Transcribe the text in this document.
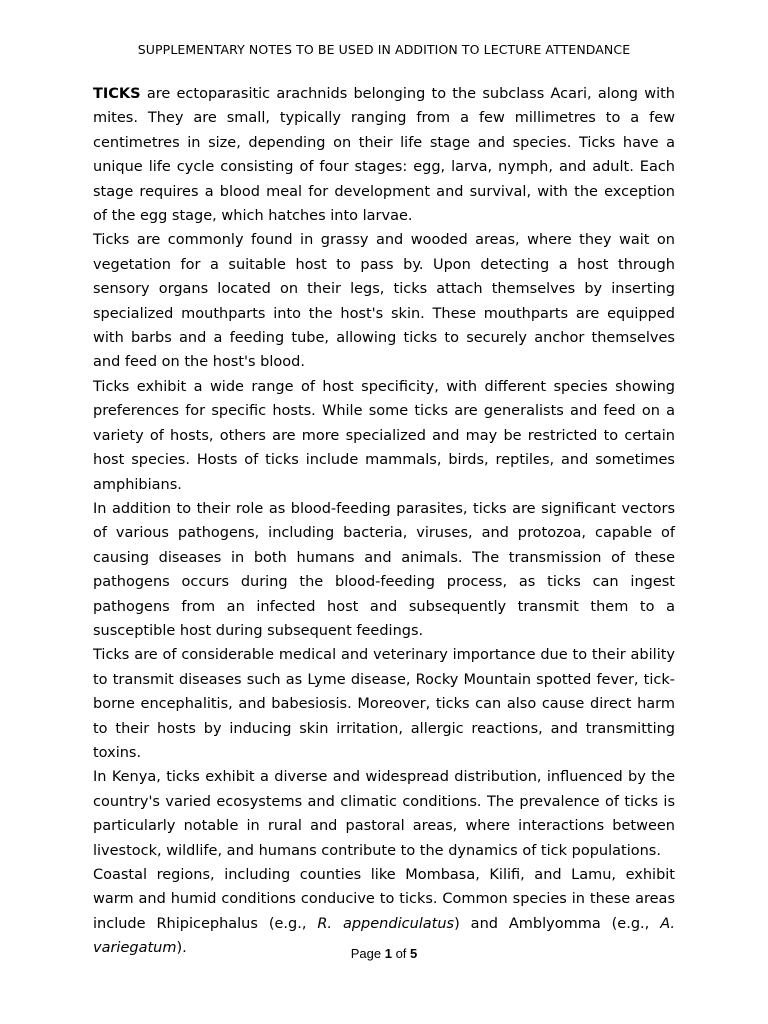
SUPPLEMENTARY NOTES TO BE USED IN ADDITION TO LECTURE ATTENDANCE

TICKS are ectoparasitic arachnids belonging to the subclass Acari, along with mites. They are small, typically ranging from a few millimetres to a few centimetres in size, depending on their life stage and species. Ticks have a unique life cycle consisting of four stages: egg, larva, nymph, and adult. Each stage requires a blood meal for development and survival, with the exception of the egg stage, which hatches into larvae.

Ticks are commonly found in grassy and wooded areas, where they wait on vegetation for a suitable host to pass by. Upon detecting a host through sensory organs located on their legs, ticks attach themselves by inserting specialized mouthparts into the host's skin. These mouthparts are equipped with barbs and a feeding tube, allowing ticks to securely anchor themselves and feed on the host's blood.

Ticks exhibit a wide range of host specificity, with different species showing preferences for specific hosts. While some ticks are generalists and feed on a variety of hosts, others are more specialized and may be restricted to certain host species. Hosts of ticks include mammals, birds, reptiles, and sometimes amphibians.

In addition to their role as blood-feeding parasites, ticks are significant vectors of various pathogens, including bacteria, viruses, and protozoa, capable of causing diseases in both humans and animals. The transmission of these pathogens occurs during the blood-feeding process, as ticks can ingest pathogens from an infected host and subsequently transmit them to a susceptible host during subsequent feedings.

Ticks are of considerable medical and veterinary importance due to their ability to transmit diseases such as Lyme disease, Rocky Mountain spotted fever, tick-borne encephalitis, and babesiosis. Moreover, ticks can also cause direct harm to their hosts by inducing skin irritation, allergic reactions, and transmitting toxins.

In Kenya, ticks exhibit a diverse and widespread distribution, influenced by the country's varied ecosystems and climatic conditions. The prevalence of ticks is particularly notable in rural and pastoral areas, where interactions between livestock, wildlife, and humans contribute to the dynamics of tick populations.

Coastal regions, including counties like Mombasa, Kilifi, and Lamu, exhibit warm and humid conditions conducive to ticks. Common species in these areas include Rhipicephalus (e.g., R. appendiculatus) and Amblyomma (e.g., A. variegatum).	Page 1 of 5
